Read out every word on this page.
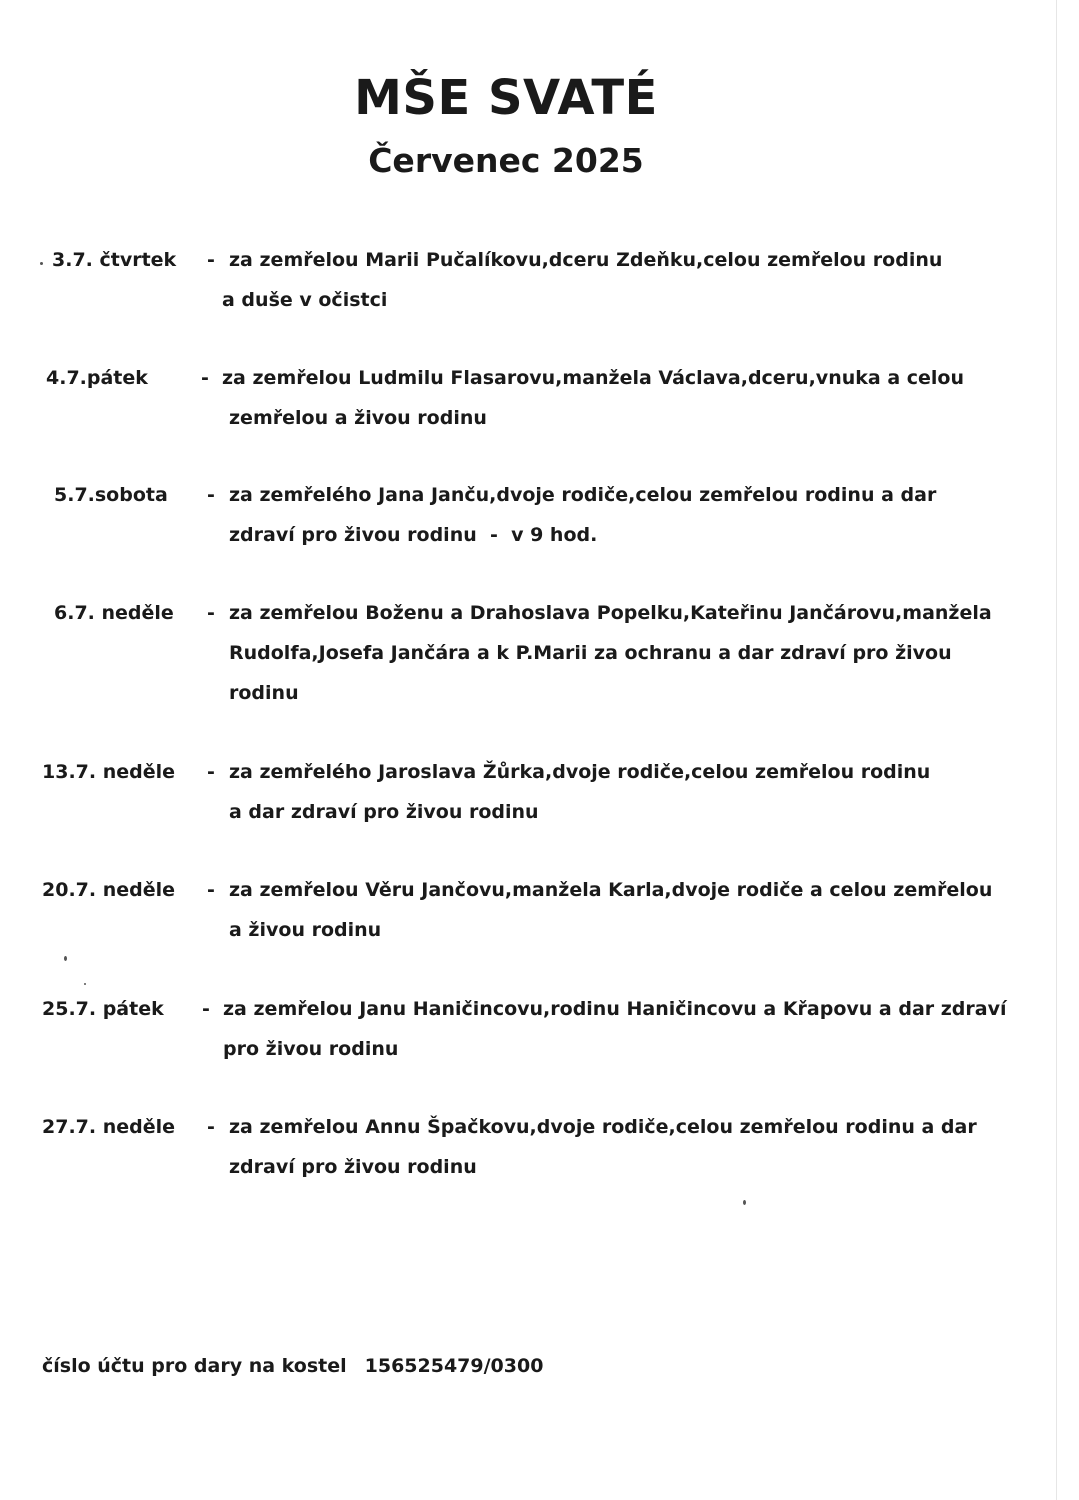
MŠE SVATÉ
Červenec 2025
3.7. čtvrtek - za zemřelou Marii Pučalíkovu,dceru Zdeňku,celou zemřelou rodinu
a duše v očistci
4.7.pátek	- za zemřelou Ludmilu Flasarovu,manžela Václava,dceru,vnuka a celou
zemřelou a živou rodinu
5.7.sobota - za zemřelého Jana Janču,dvoje rodiče,celou zemřelou rodinu a dar
zdraví pro živou rodinu  -  v 9 hod.
6.7. neděle - za zemřelou Boženu a Drahoslava Popelku,Kateřinu Jančárovu,manžela
Rudolfa,Josefa Jančára a k P.Marii za ochranu a dar zdraví pro živou
rodinu
13.7. neděle - za zemřelého Jaroslava Žůrka,dvoje rodiče,celou zemřelou rodinu
a dar zdraví pro živou rodinu
20.7. neděle - za zemřelou Věru Jančovu,manžela Karla,dvoje rodiče a celou zemřelou
a živou rodinu
25.7. pátek - za zemřelou Janu Haničincovu,rodinu Haničincovu a Křapovu a dar zdraví
pro živou rodinu
27.7. neděle - za zemřelou Annu Špačkovu,dvoje rodiče,celou zemřelou rodinu a dar
zdraví pro živou rodinu
číslo účtu pro dary na kostel 156525479/0300
